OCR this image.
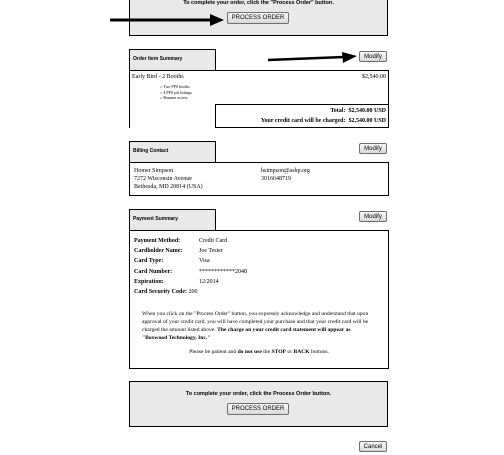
To complete your order, click the "Process Order" button.
PROCESS ORDER
Order Item Summary	Modify
Early Bird - 2 Booths	$2,540.00
○ Two PPS booths
○ 4 PPS job listings
○ Resume access
Total: $2,540.00 USD
Your credit card will be charged: $2,540.00 USD
Billing Contact	Modify
Homer Simpson
7272 Wisconsin Avenue
Bethesda, MD 20814 (USA)
hsimpson@ashp.org
3016648719
Payment Summary	Modify
Payment Method:	Credit Card
Cardholder Name:	Joe Tester
Card Type:	Visa
Card Number:	************2048
Expiration:	12/2014
Card Security Code: 200
When you click on the "Process Order" button, you expressly acknowledge and understand that upon approval of your credit card, you will have completed your purchase and that your credit card will be charged the amount listed above. The charge on your credit card statement will appear as "Boxwood Technology, Inc."
Please be patient and do not use the STOP or BACK buttons.
To complete your order, click the Process Order button.
PROCESS ORDER
Cancel
